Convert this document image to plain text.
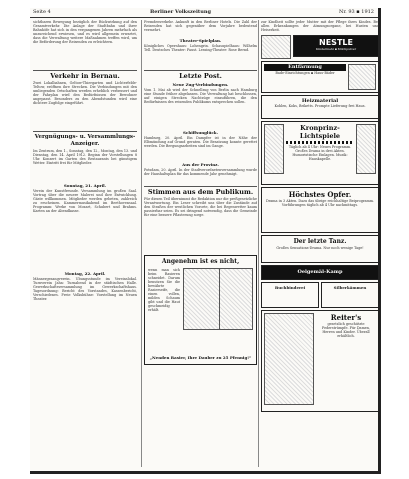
Seite 4	Berliner Volkszeitung	Nr. 93 ▪ 1912
sichtbaren Bewegung bezüglich der Rückwirkung auf den Gesamtverkehr. Die Anlage der Stadtbahn und ihrer Bahnhöfe hat sich in den vergangenen Jahren mehrfach als unzureichend erwiesen, und es wird allgemein erwartet, dass die Verwaltung weitere Maßnahmen treffen wird, um die Beförderung der Reisenden zu erleichtern.
Verkehr in Bernau.
Zwei Lokalbahnen, Geltow-Thiergarten und Lichterfelde-Teltow, eröffnen ihre Strecken. Die Verbindungen mit den umliegenden Ortschaften werden erheblich verbessert und der Fahrplan wird den Bedürfnissen der Bewohner angepasst. Besonders zu den Abendstunden wird eine dichtere Zugfolge eingeführt.
Vergnügungs- u. Versammlungs-Anzeiger.
Im Zentrum, den 1., Sonntag, den 12., Montag, den 13. und Dienstag, den 14. April 1912. Beginn der Vorstellungen 8 Uhr. Konzert im Garten des Restaurants bei günstigem Wetter. Eintritt frei für Mitglieder.
Sonntag, 21. April.
Verein der Kunstfreunde. Versammlung im großen Saal. Vortrag über die neuere Malerei und ihre Entwicklung. Gäste willkommen. Mitglieder werden gebeten, zahlreich zu erscheinen. Kammermusikabend im Beethovensaal. Programm: Werke von Mozart, Schubert und Brahms. Karten an der Abendkasse.
Montag, 22. April.
Männergesangverein. Übungsstunde im Vereinslokal. Turnverein Jahn: Turnabend in der städtischen Halle. Gewerkschaftsversammlung im Gewerkschaftshaus. Tagesordnung: Bericht des Vorstandes, Kassenbericht, Verschiedenes. Freie Volksbühne: Vorstellung im Neuen Theater.
Fremdenverkehr. Ankunft in den Berliner Hotels. Die Zahl der Reisenden hat sich gegenüber dem Vorjahre bedeutend vermehrt.
Theater-Spielplan.
Königliches Opernhaus: Lohengrin. Schauspielhaus: Wilhelm Tell. Deutsches Theater: Faust. Lessing-Theater: Rose Bernd.
Letzte Post.
Neue Zug-Verbindungen.
Vom 1. Mai ab wird der Schnellzug von Berlin nach Hamburg eine Stunde früher abgelassen. Die Verwaltung hat beschlossen, auf einigen Strecken Nachtzüge einzuführen, die den Bedürfnissen des reisenden Publikums entsprechen sollen.
Schiffsunglück.
Hamburg, 20. April. Ein Dampfer ist in der Nähe der Elbmündung auf Grund geraten. Die Besatzung konnte gerettet werden. Die Bergungsarbeiten sind im Gange.
Aus der Provinz.
Potsdam, 20. April. In der Stadtverordnetenversammlung wurde der Haushaltsplan für das kommende Jahr genehmigt.
Stimmen aus dem Publikum.
Für diesen Teil übernimmt die Redaktion nur die preßgesetzliche Verantwortung. Ein Leser schreibt uns über die Zustände auf den Straßen der westlichen Vororte, die bei Regenwetter kaum passierbar seien. Es sei dringend notwendig, dass die Gemeinde für eine bessere Pflasterung sorge.
Angenehm ist es nicht,
wenn man sich beim Rasieren schneidet. Darum benutzen Sie die bewährte Rasierseife, die einen vollen, milden Schaum gibt und die Haut geschmeidig erhält.
„Nenden Rasier, Ihre Dauber zu 25 Pfennig!“
zur Kindheit sollte jeder Mutter mit der Pflege ihres Kindes. Bei allen Erkrankungen der Atmungsorgane, bei Husten und Heiserkeit.
NESTLE
Kindermehl ▪ Milchpulver
Entfärmung
Bade-Einrichtungen ▪ Haus-Bäder
Heizmaterial
Kohlen, Koks, Briketts. Prompte Lieferung frei Haus.
Kronprinz-Lichtspiele
Täglich ab 4 Uhr: Neues Programm. Großes Drama in drei Akten. Humoristische Einlagen. Musik: Hauskapelle.
Höchstes Opfer.
Drama in 3 Akten. Dazu das übrige reichhaltige Beiprogramm. Vorführungen täglich ab 4 Uhr nachmittags.
Der letzte Tanz.
Großes Sensations-Drama. Nur noch wenige Tage!
Oelgemäl-Kamp
Buchbinderei	Silberkämmen
Reiter's
gesetzlich geschützte Federstrümpfe. Für Damen, Herren und Kinder. Überall erhältlich.
